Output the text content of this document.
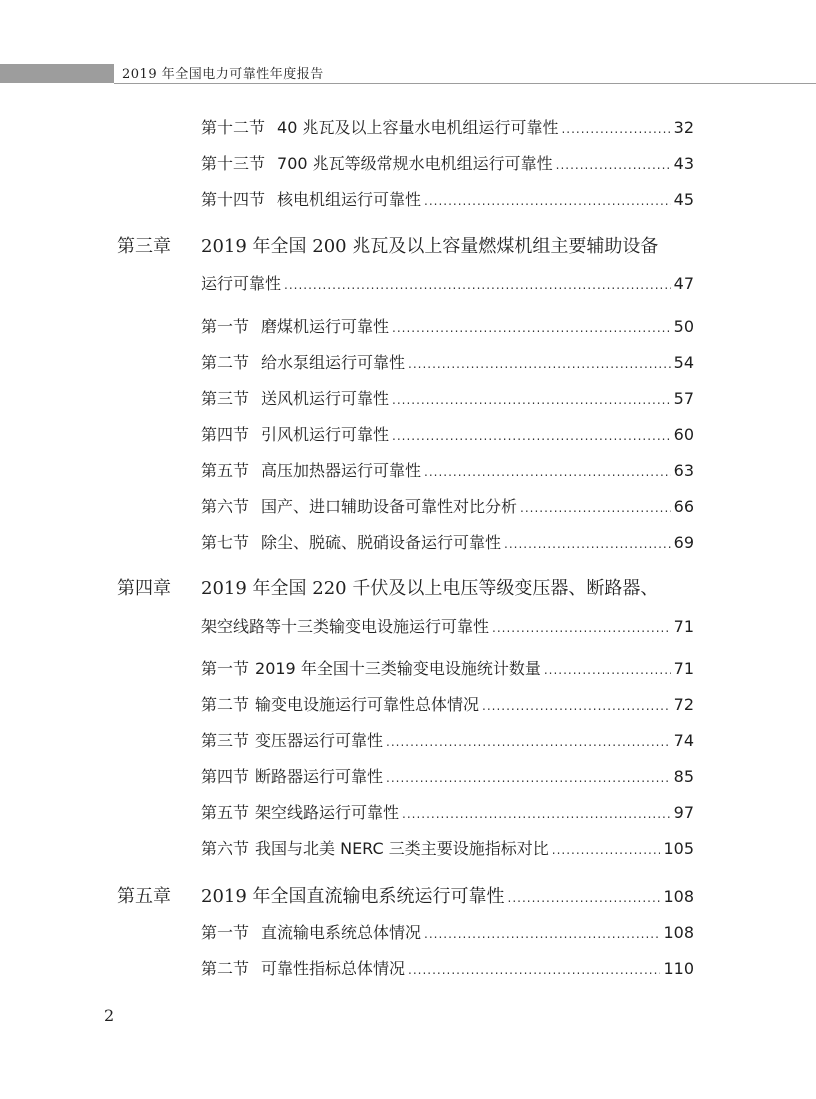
2019 年全国电力可靠性年度报告
第十二节 40 兆瓦及以上容量水电机组运行可靠性 .....	32
第十三节 700 兆瓦等级常规水电机组运行可靠性 .....	43
第十四节 核电机组运行可靠性 .....	45
第三章 2019 年全国 200 兆瓦及以上容量燃煤机组主要辅助设备
运行可靠性 .....	47
第一节 磨煤机运行可靠性 .....	50
第二节 给水泵组运行可靠性 .....	54
第三节 送风机运行可靠性 .....	57
第四节 引风机运行可靠性 .....	60
第五节 高压加热器运行可靠性 .....	63
第六节 国产、进口辅助设备可靠性对比分析 .....	66
第七节 除尘、脱硫、脱硝设备运行可靠性 .....	69
第四章 2019 年全国 220 千伏及以上电压等级变压器、断路器、
架空线路等十三类输变电设施运行可靠性 .....	71
第一节 2019 年全国十三类输变电设施统计数量 .....	71
第二节 输变电设施运行可靠性总体情况 .....	72
第三节 变压器运行可靠性 .....	74
第四节 断路器运行可靠性 .....	85
第五节 架空线路运行可靠性 .....	97
第六节 我国与北美 NERC 三类主要设施指标对比 .....	105
第五章 2019 年全国直流输电系统运行可靠性 .....	108
第一节 直流输电系统总体情况 .....	108
第二节 可靠性指标总体情况 .....	110
2
